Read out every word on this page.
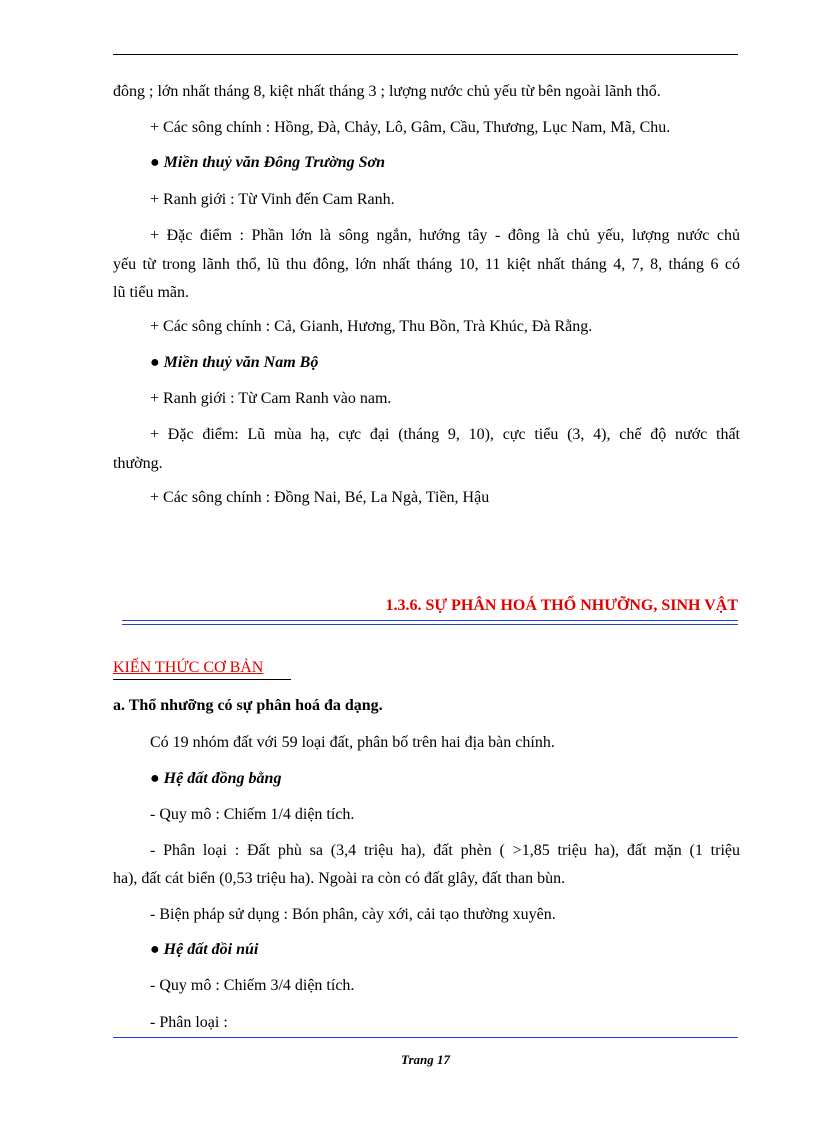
đông ; lớn nhất tháng 8, kiệt nhất tháng 3 ; lượng nước chủ yếu từ bên ngoài lãnh thổ.
+ Các sông chính : Hồng, Đà, Chảy, Lô, Gâm, Cầu, Thương, Lục Nam, Mã, Chu.
● Miền thuỷ văn Đông Trường Sơn
+ Ranh giới : Từ Vinh đến Cam Ranh.
+ Đặc điểm : Phần lớn là sông ngắn, hướng tây - đông là chủ yếu, lượng nước chủ
yếu từ trong lãnh thổ, lũ thu đông, lớn nhất tháng 10, 11 kiệt nhất tháng 4, 7, 8, tháng 6 có
lũ tiểu mãn.
+ Các sông chính : Cả, Gianh, Hương, Thu Bồn, Trà Khúc, Đà Rằng.
● Miền thuỷ văn Nam Bộ
+ Ranh giới : Từ Cam Ranh vào nam.
+ Đặc điểm: Lũ mùa hạ, cực đại (tháng 9, 10), cực tiểu (3, 4), chế độ nước thất
thường.
+ Các sông chính : Đồng Nai, Bé, La Ngà, Tiền, Hậu
1.3.6. SỰ PHÂN HOÁ THỔ NHƯỠNG, SINH VẬT
KIẾN THỨC CƠ BẢN
a. Thổ nhưỡng có sự phân hoá đa dạng.
Có 19 nhóm đất với 59 loại đất, phân bố trên hai địa bàn chính.
● Hệ đất đồng bằng
- Quy mô : Chiếm 1/4 diện tích.
- Phân loại : Đất phù sa (3,4 triệu ha), đất phèn ( >1,85 triệu ha), đất mặn (1 triệu
ha), đất cát biển (0,53 triệu ha). Ngoài ra còn có đất glây, đất than bùn.
- Biện pháp sử dụng : Bón phân, cày xới, cải tạo thường xuyên.
● Hệ đất đồi núi
- Quy mô : Chiếm 3/4 diện tích.
- Phân loại :
Trang 17
